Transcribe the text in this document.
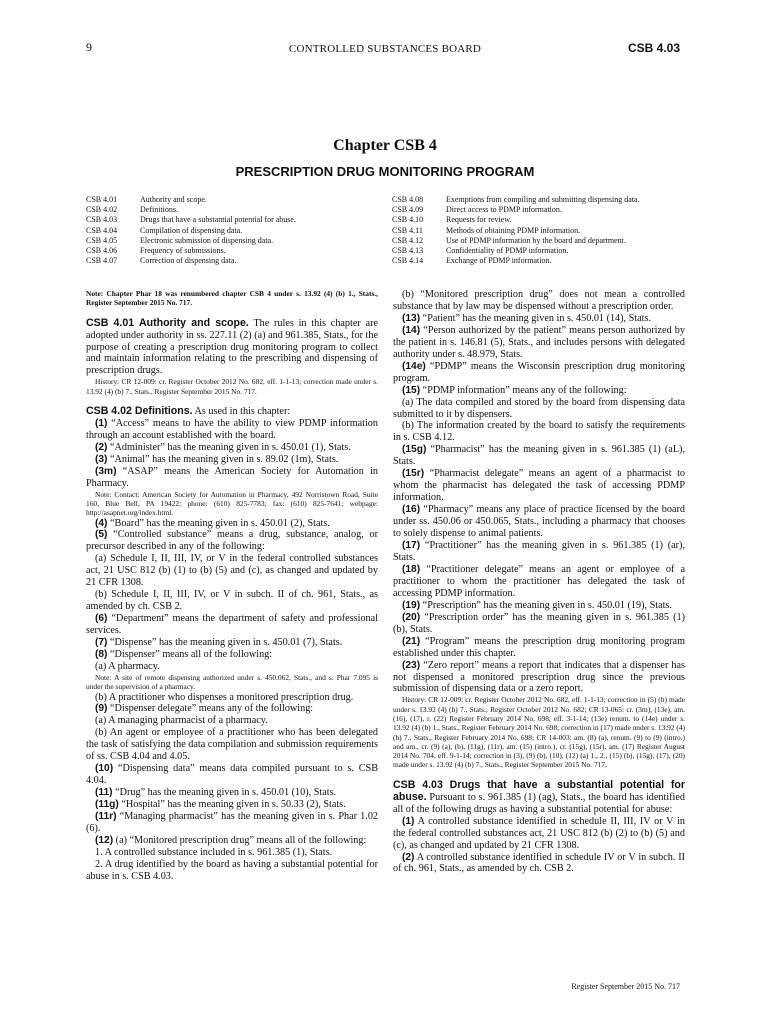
9	CONTROLLED SUBSTANCES BOARD	CSB 4.03
Chapter CSB 4
PRESCRIPTION DRUG MONITORING PROGRAM
CSB 4.01	Authority and scope.
CSB 4.02	Definitions.
CSB 4.03	Drugs that have a substantial potential for abuse.
CSB 4.04	Compilation of dispensing data.
CSB 4.05	Electronic submission of dispensing data.
CSB 4.06	Frequency of submissions.
CSB 4.07	Correction of dispensing data.
CSB 4.08	Exemptions from compiling and submitting dispensing data.
CSB 4.09	Direct access to PDMP information.
CSB 4.10	Requests for review.
CSB 4.11	Methods of obtaining PDMP information.
CSB 4.12	Use of PDMP information by the board and department.
CSB 4.13	Confidentiality of PDMP information.
CSB 4.14	Exchange of PDMP information.

Note: Chapter Phar 18 was renumbered chapter CSB 4 under s. 13.92 (4) (b) 1., Stats., Register September 2015 No. 717.

CSB 4.01 Authority and scope. The rules in this chapter are adopted under authority in ss. 227.11 (2) (a) and 961.385, Stats., for the purpose of creating a prescription drug monitoring program to collect and maintain information relating to the prescribing and dispensing of prescription drugs.

History: CR 12-009: cr. Register October 2012 No. 682, eff. 1-1-13; correction made under s. 13.92 (4) (b) 7., Stats., Register September 2015 No. 717.

CSB 4.02 Definitions. As used in this chapter:

(1) “Access” means to have the ability to view PDMP information through an account established with the board.

(2) “Administer” has the meaning given in s. 450.01 (1), Stats.

(3) “Animal” has the meaning given in s. 89.02 (1m), Stats.

(3m) “ASAP” means the American Society for Automation in Pharmacy.

Note: Contact: American Society for Automation in Pharmacy, 492 Norristown Road, Suite 160, Blue Bell, PA 19422; phone: (610) 825-7783; fax: (610) 825-7641; webpage: http://asapnet.org/index.html.

(4) “Board” has the meaning given in s. 450.01 (2), Stats.

(5) “Controlled substance” means a drug, substance, analog, or precursor described in any of the following:

(a) Schedule I, II, III, IV, or V in the federal controlled substances act, 21 USC 812 (b) (1) to (b) (5) and (c), as changed and updated by 21 CFR 1308.

(b) Schedule I, II, III, IV, or V in subch. II of ch. 961, Stats., as amended by ch. CSB 2.

(6) “Department” means the department of safety and professional services.

(7) “Dispense” has the meaning given in s. 450.01 (7), Stats.

(8) “Dispenser” means all of the following:

(a) A pharmacy.

Note: A site of remote dispensing authorized under s. 450.062, Stats., and s. Phar 7.095 is under the supervision of a pharmacy.

(b) A practitioner who dispenses a monitored prescription drug.

(9) “Dispenser delegate” means any of the following:

(a) A managing pharmacist of a pharmacy.

(b) An agent or employee of a practitioner who has been delegated the task of satisfying the data compilation and submission requirements of ss. CSB 4.04 and 4.05.

(10) “Dispensing data” means data compiled pursuant to s. CSB 4.04.

(11) “Drug” has the meaning given in s. 450.01 (10), Stats.

(11g) “Hospital” has the meaning given in s. 50.33 (2), Stats.

(11r) “Managing pharmacist” has the meaning given in s. Phar 1.02 (6).

(12) (a) “Monitored prescription drug” means all of the following:

1. A controlled substance included in s. 961.385 (1), Stats.

2. A drug identified by the board as having a substantial potential for abuse in s. CSB 4.03.

(b) “Monitored prescription drug” does not mean a controlled substance that by law may be dispensed without a prescription order.

(13) “Patient” has the meaning given in s. 450.01 (14), Stats.

(14) “Person authorized by the patient” means person authorized by the patient in s. 146.81 (5), Stats., and includes persons with delegated authority under s. 48.979, Stats.

(14e) “PDMP” means the Wisconsin prescription drug monitoring program.

(15) “PDMP information” means any of the following:

(a) The data compiled and stored by the board from dispensing data submitted to it by dispensers.

(b) The information created by the board to satisfy the requirements in s. CSB 4.12.

(15g) “Pharmacist” has the meaning given in s. 961.385 (1) (aL), Stats.

(15r) “Pharmacist delegate” means an agent of a pharmacist to whom the pharmacist has delegated the task of accessing PDMP information.

(16) “Pharmacy” means any place of practice licensed by the board under ss. 450.06 or 450.065, Stats., including a pharmacy that chooses to solely dispense to animal patients.

(17) “Practitioner” has the meaning given in s. 961.385 (1) (ar), Stats.

(18) “Practitioner delegate” means an agent or employee of a practitioner to whom the practitioner has delegated the task of accessing PDMP information.

(19) “Prescription” has the meaning given in s. 450.01 (19), Stats.

(20) “Prescription order” has the meaning given in s. 961.385 (1) (b), Stats.

(21) “Program” means the prescription drug monitoring program established under this chapter.

(23) “Zero report” means a report that indicates that a dispenser has not dispensed a monitored prescription drug since the previous submission of dispensing data or a zero report.

History: CR 12-009: cr. Register October 2012 No. 682, eff. 1-1-13; correction in (5) (b) made under s. 13.92 (4) (b) 7., Stats., Register October 2012 No. 682; CR 13-065: cr. (3m), (13e), am. (16), (17), r. (22) Register February 2014 No. 698, eff. 3-1-14; (13e) renum. to (14e) under s. 13.92 (4) (b) 1., Stats., Register February 2014 No. 698; correction in (17) made under s. 13.92 (4) (b) 7., Stats., Register February 2014 No. 698; CR 14-003: am. (8) (a), renum. (9) to (9) (intro.) and am., cr. (9) (a), (b), (11g), (11r), am. (15) (intro.), cr. (15g), (15r), am. (17) Register August 2014 No. 704, eff. 9-1-14; correction in (3), (9) (b), (10), (12) (a) 1., 2., (15) (b), (15g), (17), (20) made under s. 13.92 (4) (b) 7., Stats., Register September 2015 No. 717.

CSB 4.03 Drugs that have a substantial potential for abuse. Pursuant to s. 961.385 (1) (ag), Stats., the board has identified all of the following drugs as having a substantial potential for abuse:

(1) A controlled substance identified in schedule II, III, IV or V in the federal controlled substances act, 21 USC 812 (b) (2) to (b) (5) and (c), as changed and updated by 21 CFR 1308.

(2) A controlled substance identified in schedule IV or V in subch. II of ch. 961, Stats., as amended by ch. CSB 2.

Register September 2015 No. 717
